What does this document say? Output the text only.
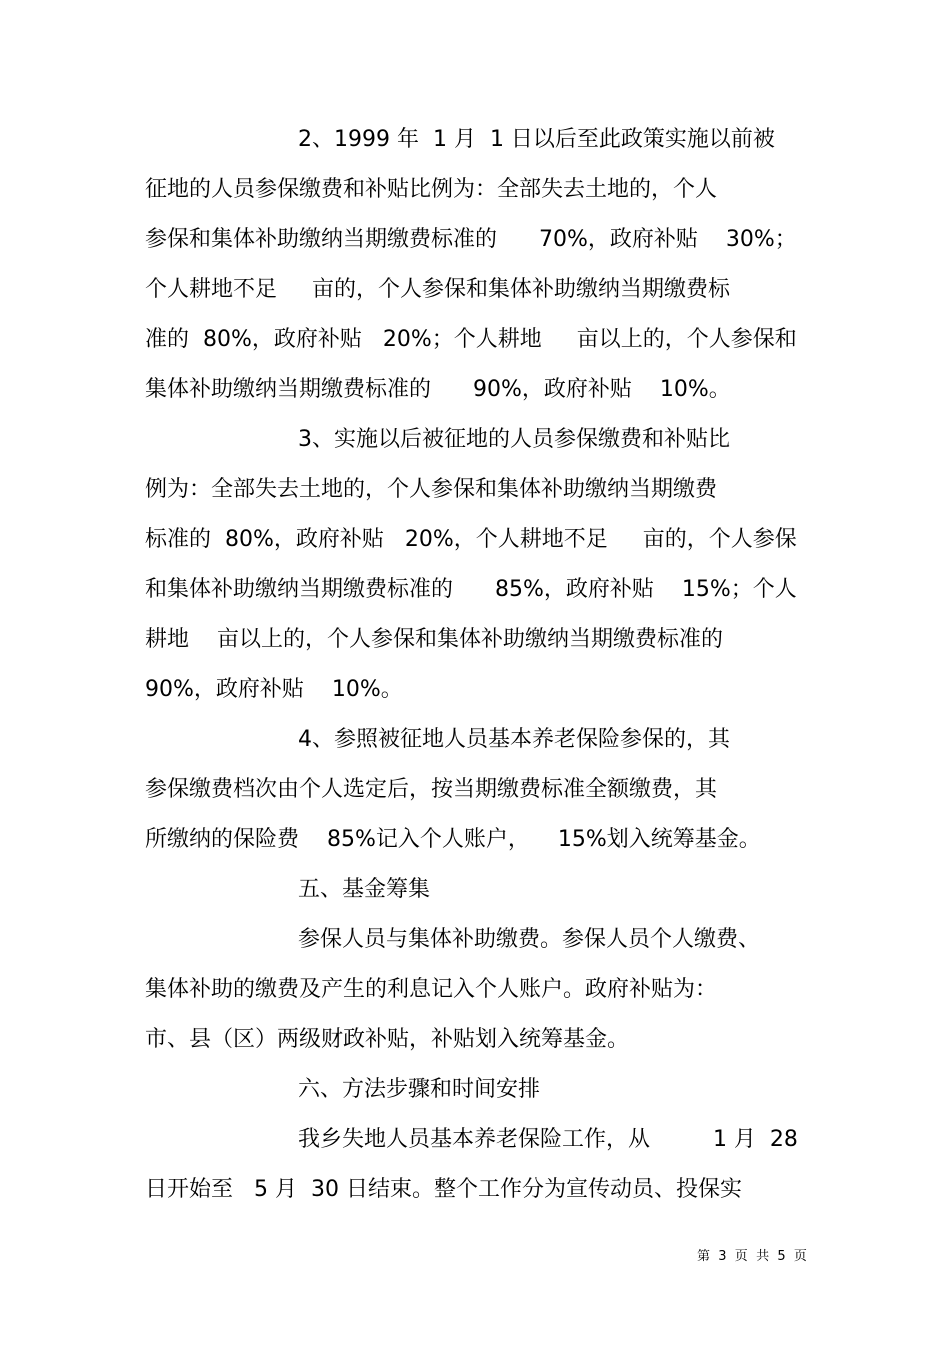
2、1999 年  1 月  1 日以后至此政策实施以前被
征地的人员参保缴费和补贴比例为：全部失去土地的，个人
参保和集体补助缴纳当期缴费标准的      70%，政府补贴    30%；
个人耕地不足     亩的，个人参保和集体补助缴纳当期缴费标
准的  80%，政府补贴   20%；个人耕地     亩以上的，个人参保和
集体补助缴纳当期缴费标准的      90%，政府补贴    10%。
3、实施以后被征地的人员参保缴费和补贴比
例为：全部失去土地的，个人参保和集体补助缴纳当期缴费
标准的  80%，政府补贴   20%，个人耕地不足     亩的，个人参保
和集体补助缴纳当期缴费标准的      85%，政府补贴    15%；个人
耕地    亩以上的，个人参保和集体补助缴纳当期缴费标准的
90%，政府补贴    10%。
4、参照被征地人员基本养老保险参保的，其
参保缴费档次由个人选定后，按当期缴费标准全额缴费，其
所缴纳的保险费    85%记入个人账户，    15%划入统筹基金。
五、基金筹集
参保人员与集体补助缴费。参保人员个人缴费、
集体补助的缴费及产生的利息记入个人账户。政府补贴为：
市、县（区）两级财政补贴，补贴划入统筹基金。
六、方法步骤和时间安排
我乡失地人员基本养老保险工作，从         1 月  28
日开始至   5 月  30 日结束。整个工作分为宣传动员、投保实
第  3  页  共  5  页
